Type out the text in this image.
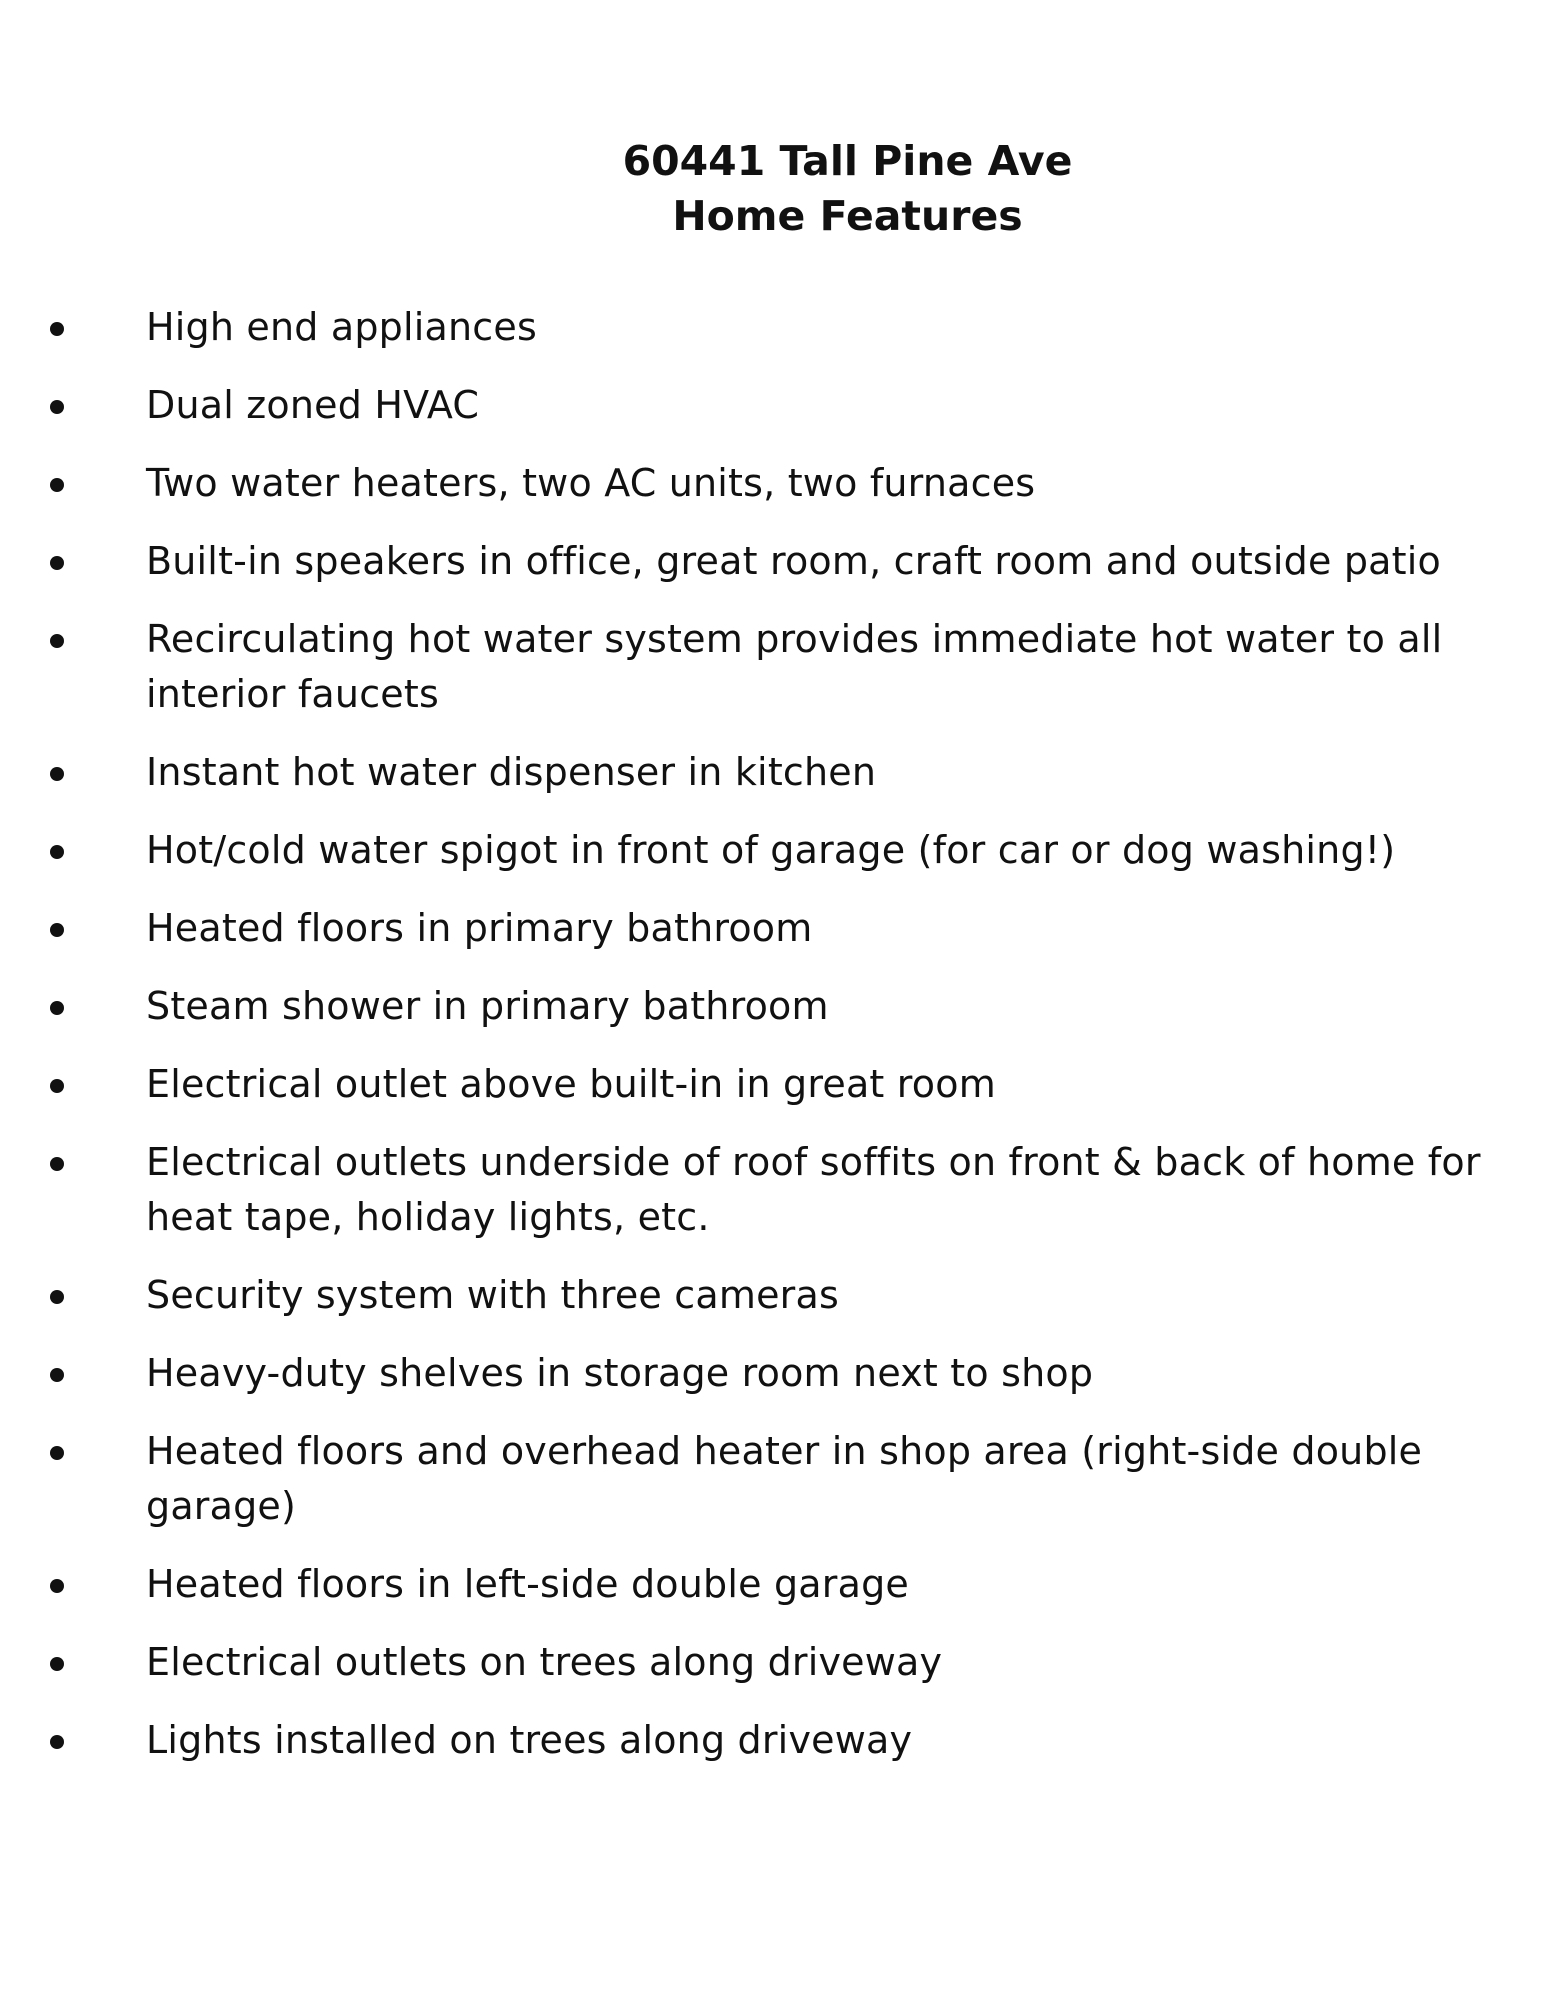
60441 Tall Pine Ave
Home Features
High end appliances
Dual zoned HVAC
Two water heaters, two AC units, two furnaces
Built-in speakers in office, great room, craft room and outside patio
Recirculating hot water system provides immediate hot water to all interior faucets
Instant hot water dispenser in kitchen
Hot/cold water spigot in front of garage (for car or dog washing!)
Heated floors in primary bathroom
Steam shower in primary bathroom
Electrical outlet above built-in in great room
Electrical outlets underside of roof soffits on front & back of home for heat tape, holiday lights, etc.
Security system with three cameras
Heavy-duty shelves in storage room next to shop
Heated floors and overhead heater in shop area (right-side double garage)
Heated floors in left-side double garage
Electrical outlets on trees along driveway
Lights installed on trees along driveway
